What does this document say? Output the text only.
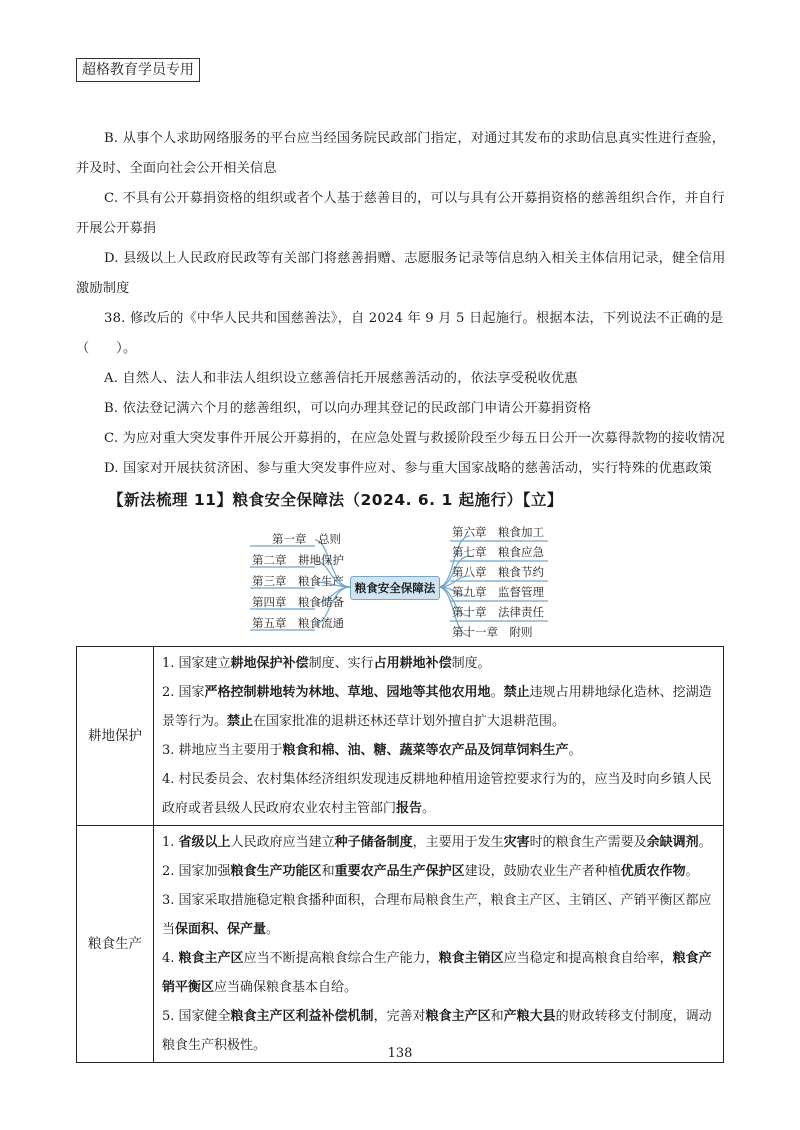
超格教育学员专用

B. 从事个人求助网络服务的平台应当经国务院民政部门指定，对通过其发布的求助信息真实性进行查验，并及时、全面向社会公开相关信息

C. 不具有公开募捐资格的组织或者个人基于慈善目的，可以与具有公开募捐资格的慈善组织合作，并自行开展公开募捐

D. 县级以上人民政府民政等有关部门将慈善捐赠、志愿服务记录等信息纳入相关主体信用记录，健全信用激励制度

38. 修改后的《中华人民共和国慈善法》，自 2024 年 9 月 5 日起施行。根据本法，下列说法不正确的是（　　）。

A. 自然人、法人和非法人组织设立慈善信托开展慈善活动的，依法享受税收优惠

B. 依法登记满六个月的慈善组织，可以向办理其登记的民政部门申请公开募捐资格

C. 为应对重大突发事件开展公开募捐的，在应急处置与救援阶段至少每五日公开一次募得款物的接收情况

D. 国家对开展扶贫济困、参与重大突发事件应对、参与重大国家战略的慈善活动，实行特殊的优惠政策

【新法梳理 11】粮食安全保障法（2024. 6. 1 起施行）【立】
粮食安全保障法
第一章　总则
第二章　耕地保护
第三章　粮食生产
第四章　粮食储备
第五章　粮食流通
第六章　粮食加工
第七章　粮食应急
第八章　粮食节约
第九章　监督管理
第十章　法律责任
第十一章　附则
耕地保护	1. 国家建立耕地保护补偿制度、实行占用耕地补偿制度。

2. 国家严格控制耕地转为林地、草地、园地等其他农用地。禁止违规占用耕地绿化造林、挖湖造景等行为。禁止在国家批准的退耕还林还草计划外擅自扩大退耕范围。

3. 耕地应当主要用于粮食和棉、油、糖、蔬菜等农产品及饲草饲料生产。

4. 村民委员会、农村集体经济组织发现违反耕地种植用途管控要求行为的，应当及时向乡镇人民政府或者县级人民政府农业农村主管部门报告。

粮食生产	1. 省级以上人民政府应当建立种子储备制度，主要用于发生灾害时的粮食生产需要及余缺调剂。

2. 国家加强粮食生产功能区和重要农产品生产保护区建设，鼓励农业生产者种植优质农作物。

3. 国家采取措施稳定粮食播种面积，合理布局粮食生产，粮食主产区、主销区、产销平衡区都应当保面积、保产量。

4. 粮食主产区应当不断提高粮食综合生产能力，粮食主销区应当稳定和提高粮食自给率，粮食产销平衡区应当确保粮食基本自给。

5. 国家健全粮食主产区利益补偿机制，完善对粮食主产区和产粮大县的财政转移支付制度，调动粮食生产积极性。

138
